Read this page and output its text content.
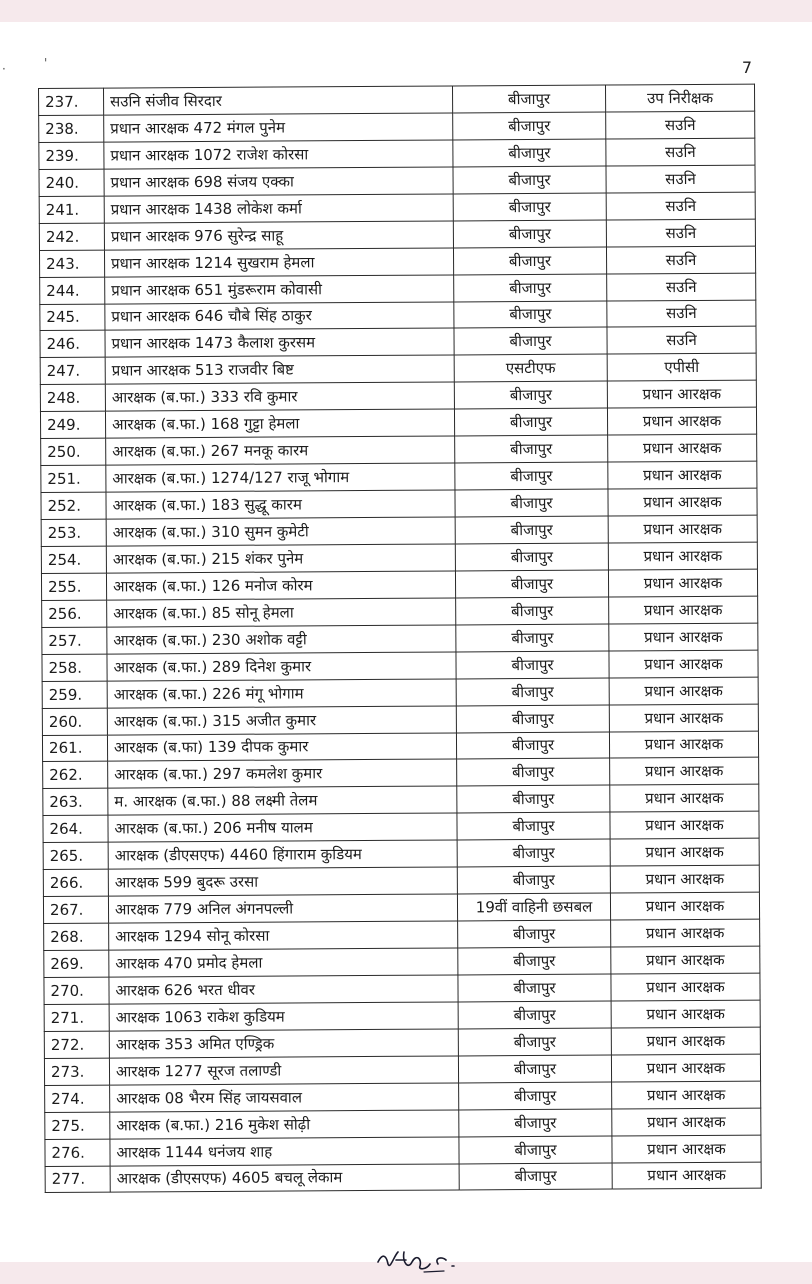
·	'	7
237.	सउनि संजीव सिरदार	बीजापुर	उप निरीक्षक
238.	प्रधान आरक्षक 472 मंगल पुनेम	बीजापुर	सउनि
239.	प्रधान आरक्षक 1072 राजेश कोरसा	बीजापुर	सउनि
240.	प्रधान आरक्षक 698 संजय एक्का	बीजापुर	सउनि
241.	प्रधान आरक्षक 1438 लोकेश कर्मा	बीजापुर	सउनि
242.	प्रधान आरक्षक 976 सुरेन्द्र साहू	बीजापुर	सउनि
243.	प्रधान आरक्षक 1214 सुखराम हेमला	बीजापुर	सउनि
244.	प्रधान आरक्षक 651 मुंडरूराम कोवासी	बीजापुर	सउनि
245.	प्रधान आरक्षक 646 चौबे सिंह ठाकुर	बीजापुर	सउनि
246.	प्रधान आरक्षक 1473 कैलाश कुरसम	बीजापुर	सउनि
247.	प्रधान आरक्षक 513 राजवीर बिष्ट	एसटीएफ	एपीसी
248.	आरक्षक (ब.फा.) 333 रवि कुमार	बीजापुर	प्रधान आरक्षक
249.	आरक्षक (ब.फा.) 168 गुट्टा हेमला	बीजापुर	प्रधान आरक्षक
250.	आरक्षक (ब.फा.) 267 मनकू कारम	बीजापुर	प्रधान आरक्षक
251.	आरक्षक (ब.फा.) 1274/127 राजू भोगाम	बीजापुर	प्रधान आरक्षक
252.	आरक्षक (ब.फा.) 183 सुद्धू कारम	बीजापुर	प्रधान आरक्षक
253.	आरक्षक (ब.फा.) 310 सुमन कुमेटी	बीजापुर	प्रधान आरक्षक
254.	आरक्षक (ब.फा.) 215 शंकर पुनेम	बीजापुर	प्रधान आरक्षक
255.	आरक्षक (ब.फा.) 126 मनोज कोरम	बीजापुर	प्रधान आरक्षक
256.	आरक्षक (ब.फा.) 85 सोनू हेमला	बीजापुर	प्रधान आरक्षक
257.	आरक्षक (ब.फा.) 230 अशोक वट्टी	बीजापुर	प्रधान आरक्षक
258.	आरक्षक (ब.फा.) 289 दिनेश कुमार	बीजापुर	प्रधान आरक्षक
259.	आरक्षक (ब.फा.) 226 मंगू भोगाम	बीजापुर	प्रधान आरक्षक
260.	आरक्षक (ब.फा.) 315 अजीत कुमार	बीजापुर	प्रधान आरक्षक
261.	आरक्षक (ब.फा) 139 दीपक कुमार	बीजापुर	प्रधान आरक्षक
262.	आरक्षक (ब.फा.) 297 कमलेश कुमार	बीजापुर	प्रधान आरक्षक
263.	म. आरक्षक (ब.फा.) 88 लक्ष्मी तेलम	बीजापुर	प्रधान आरक्षक
264.	आरक्षक (ब.फा.) 206 मनीष यालम	बीजापुर	प्रधान आरक्षक
265.	आरक्षक (डीएसएफ) 4460 हिंगाराम कुडियम	बीजापुर	प्रधान आरक्षक
266.	आरक्षक 599 बुदरू उरसा	बीजापुर	प्रधान आरक्षक
267.	आरक्षक 779 अनिल अंगनपल्ली	19वीं वाहिनी छसबल	प्रधान आरक्षक
268.	आरक्षक 1294 सोनू कोरसा	बीजापुर	प्रधान आरक्षक
269.	आरक्षक 470 प्रमोद हेमला	बीजापुर	प्रधान आरक्षक
270.	आरक्षक 626 भरत धीवर	बीजापुर	प्रधान आरक्षक
271.	आरक्षक 1063 राकेश कुडियम	बीजापुर	प्रधान आरक्षक
272.	आरक्षक 353 अमित एण्ड्रिक	बीजापुर	प्रधान आरक्षक
273.	आरक्षक 1277 सूरज तलाण्डी	बीजापुर	प्रधान आरक्षक
274.	आरक्षक 08 भैरम सिंह जायसवाल	बीजापुर	प्रधान आरक्षक
275.	आरक्षक (ब.फा.) 216 मुकेश सोढ़ी	बीजापुर	प्रधान आरक्षक
276.	आरक्षक 1144 धनंजय शाह	बीजापुर	प्रधान आरक्षक
277.	आरक्षक (डीएसएफ) 4605 बचलू लेकाम	बीजापुर	प्रधान आरक्षक
